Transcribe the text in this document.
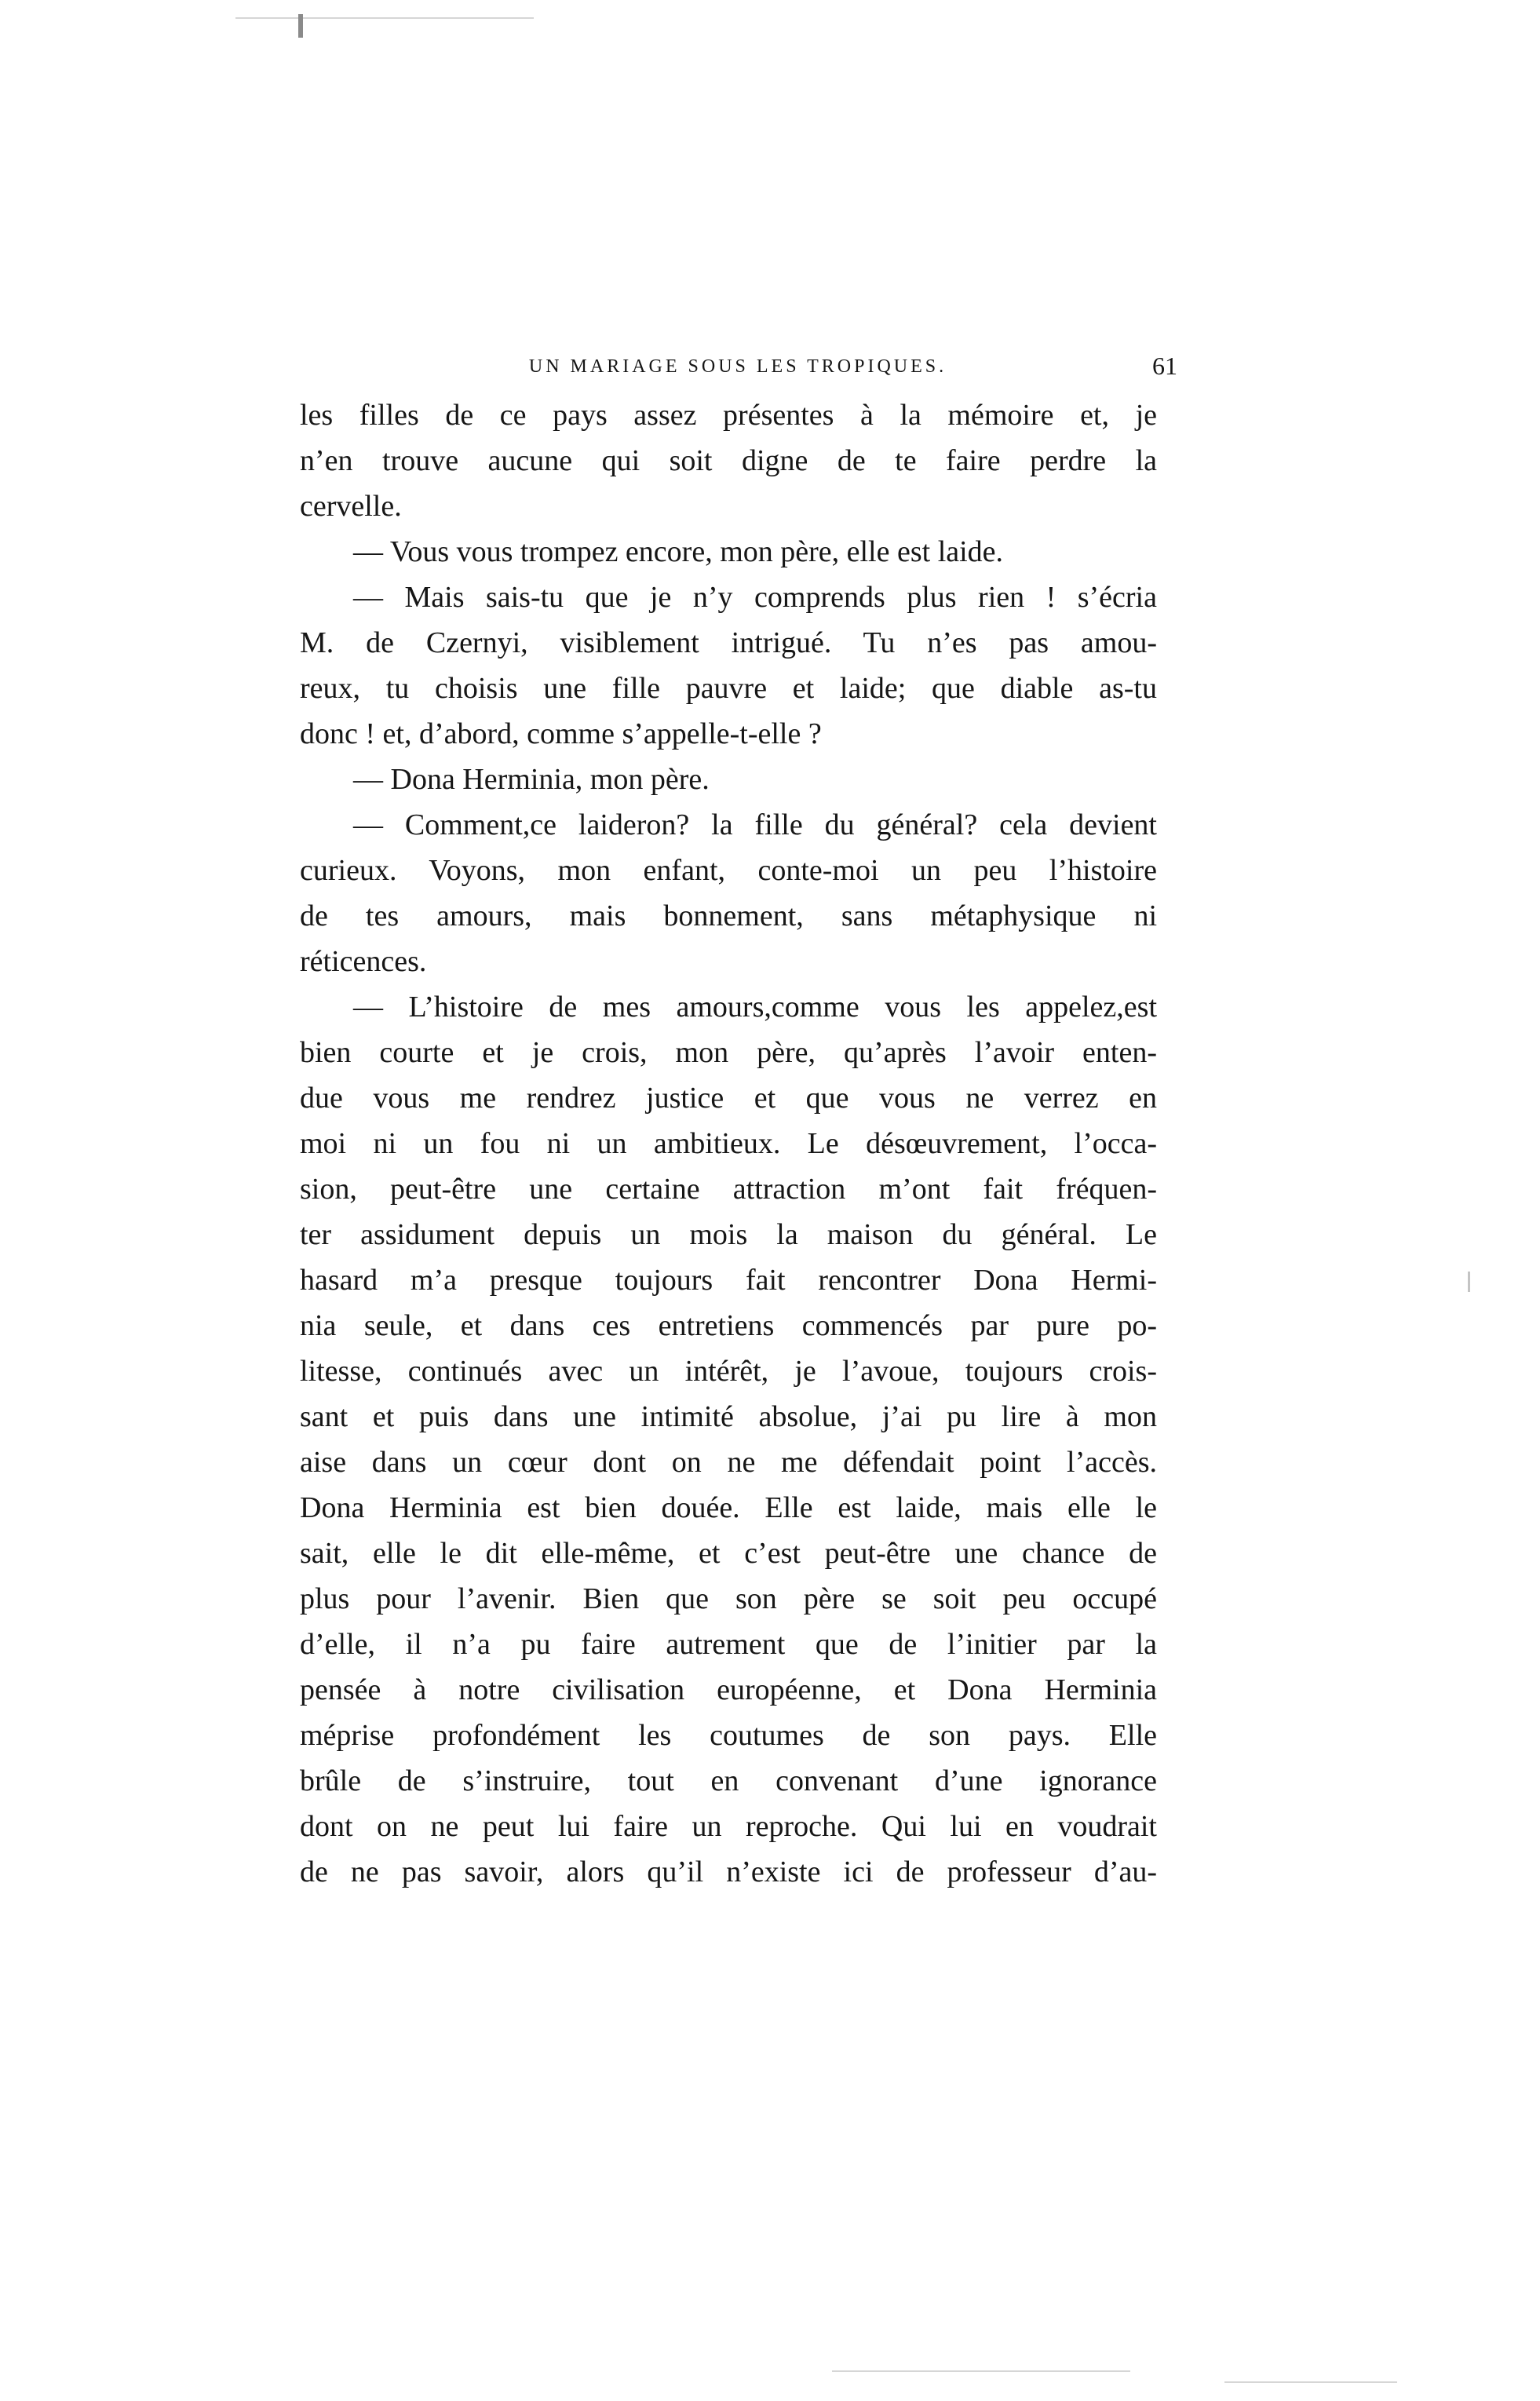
UN MARIAGE SOUS LES TROPIQUES.	61
les filles de ce pays assez présentes à la mémoire et, je
n’en trouve aucune qui soit digne de te faire perdre la
cervelle.
— Vous vous trompez encore, mon père, elle est laide.
— Mais sais-tu que je n’y comprends plus rien ! s’écria
M. de Czernyi, visiblement intrigué. Tu n’es pas amou-
reux, tu choisis une fille pauvre et laide; que diable as-tu
donc ! et, d’abord, comme s’appelle-t-elle ?
— Dona Herminia, mon père.
— Comment,ce laideron? la fille du général? cela devient
curieux. Voyons, mon enfant, conte-moi un peu l’histoire
de tes amours, mais bonnement, sans métaphysique ni
réticences.
— L’histoire de mes amours,comme vous les appelez,est
bien courte et je crois, mon père, qu’après l’avoir enten-
due vous me rendrez justice et que vous ne verrez en
moi ni un fou ni un ambitieux. Le désœuvrement, l’occa-
sion, peut-être une certaine attraction m’ont fait fréquen-
ter assidument depuis un mois la maison du général. Le
hasard m’a presque toujours fait rencontrer Dona Hermi-
nia seule, et dans ces entretiens commencés par pure po-
litesse, continués avec un intérêt, je l’avoue, toujours crois-
sant et puis dans une intimité absolue, j’ai pu lire à mon
aise dans un cœur dont on ne me défendait point l’accès.
Dona Herminia est bien douée. Elle est laide, mais elle le
sait, elle le dit elle-même, et c’est peut-être une chance de
plus pour l’avenir. Bien que son père se soit peu occupé
d’elle, il n’a pu faire autrement que de l’initier par la
pensée à notre civilisation européenne, et Dona Herminia
méprise profondément les coutumes de son pays. Elle
brûle de s’instruire, tout en convenant d’une ignorance
dont on ne peut lui faire un reproche. Qui lui en voudrait
de ne pas savoir, alors qu’il n’existe ici de professeur d’au-
